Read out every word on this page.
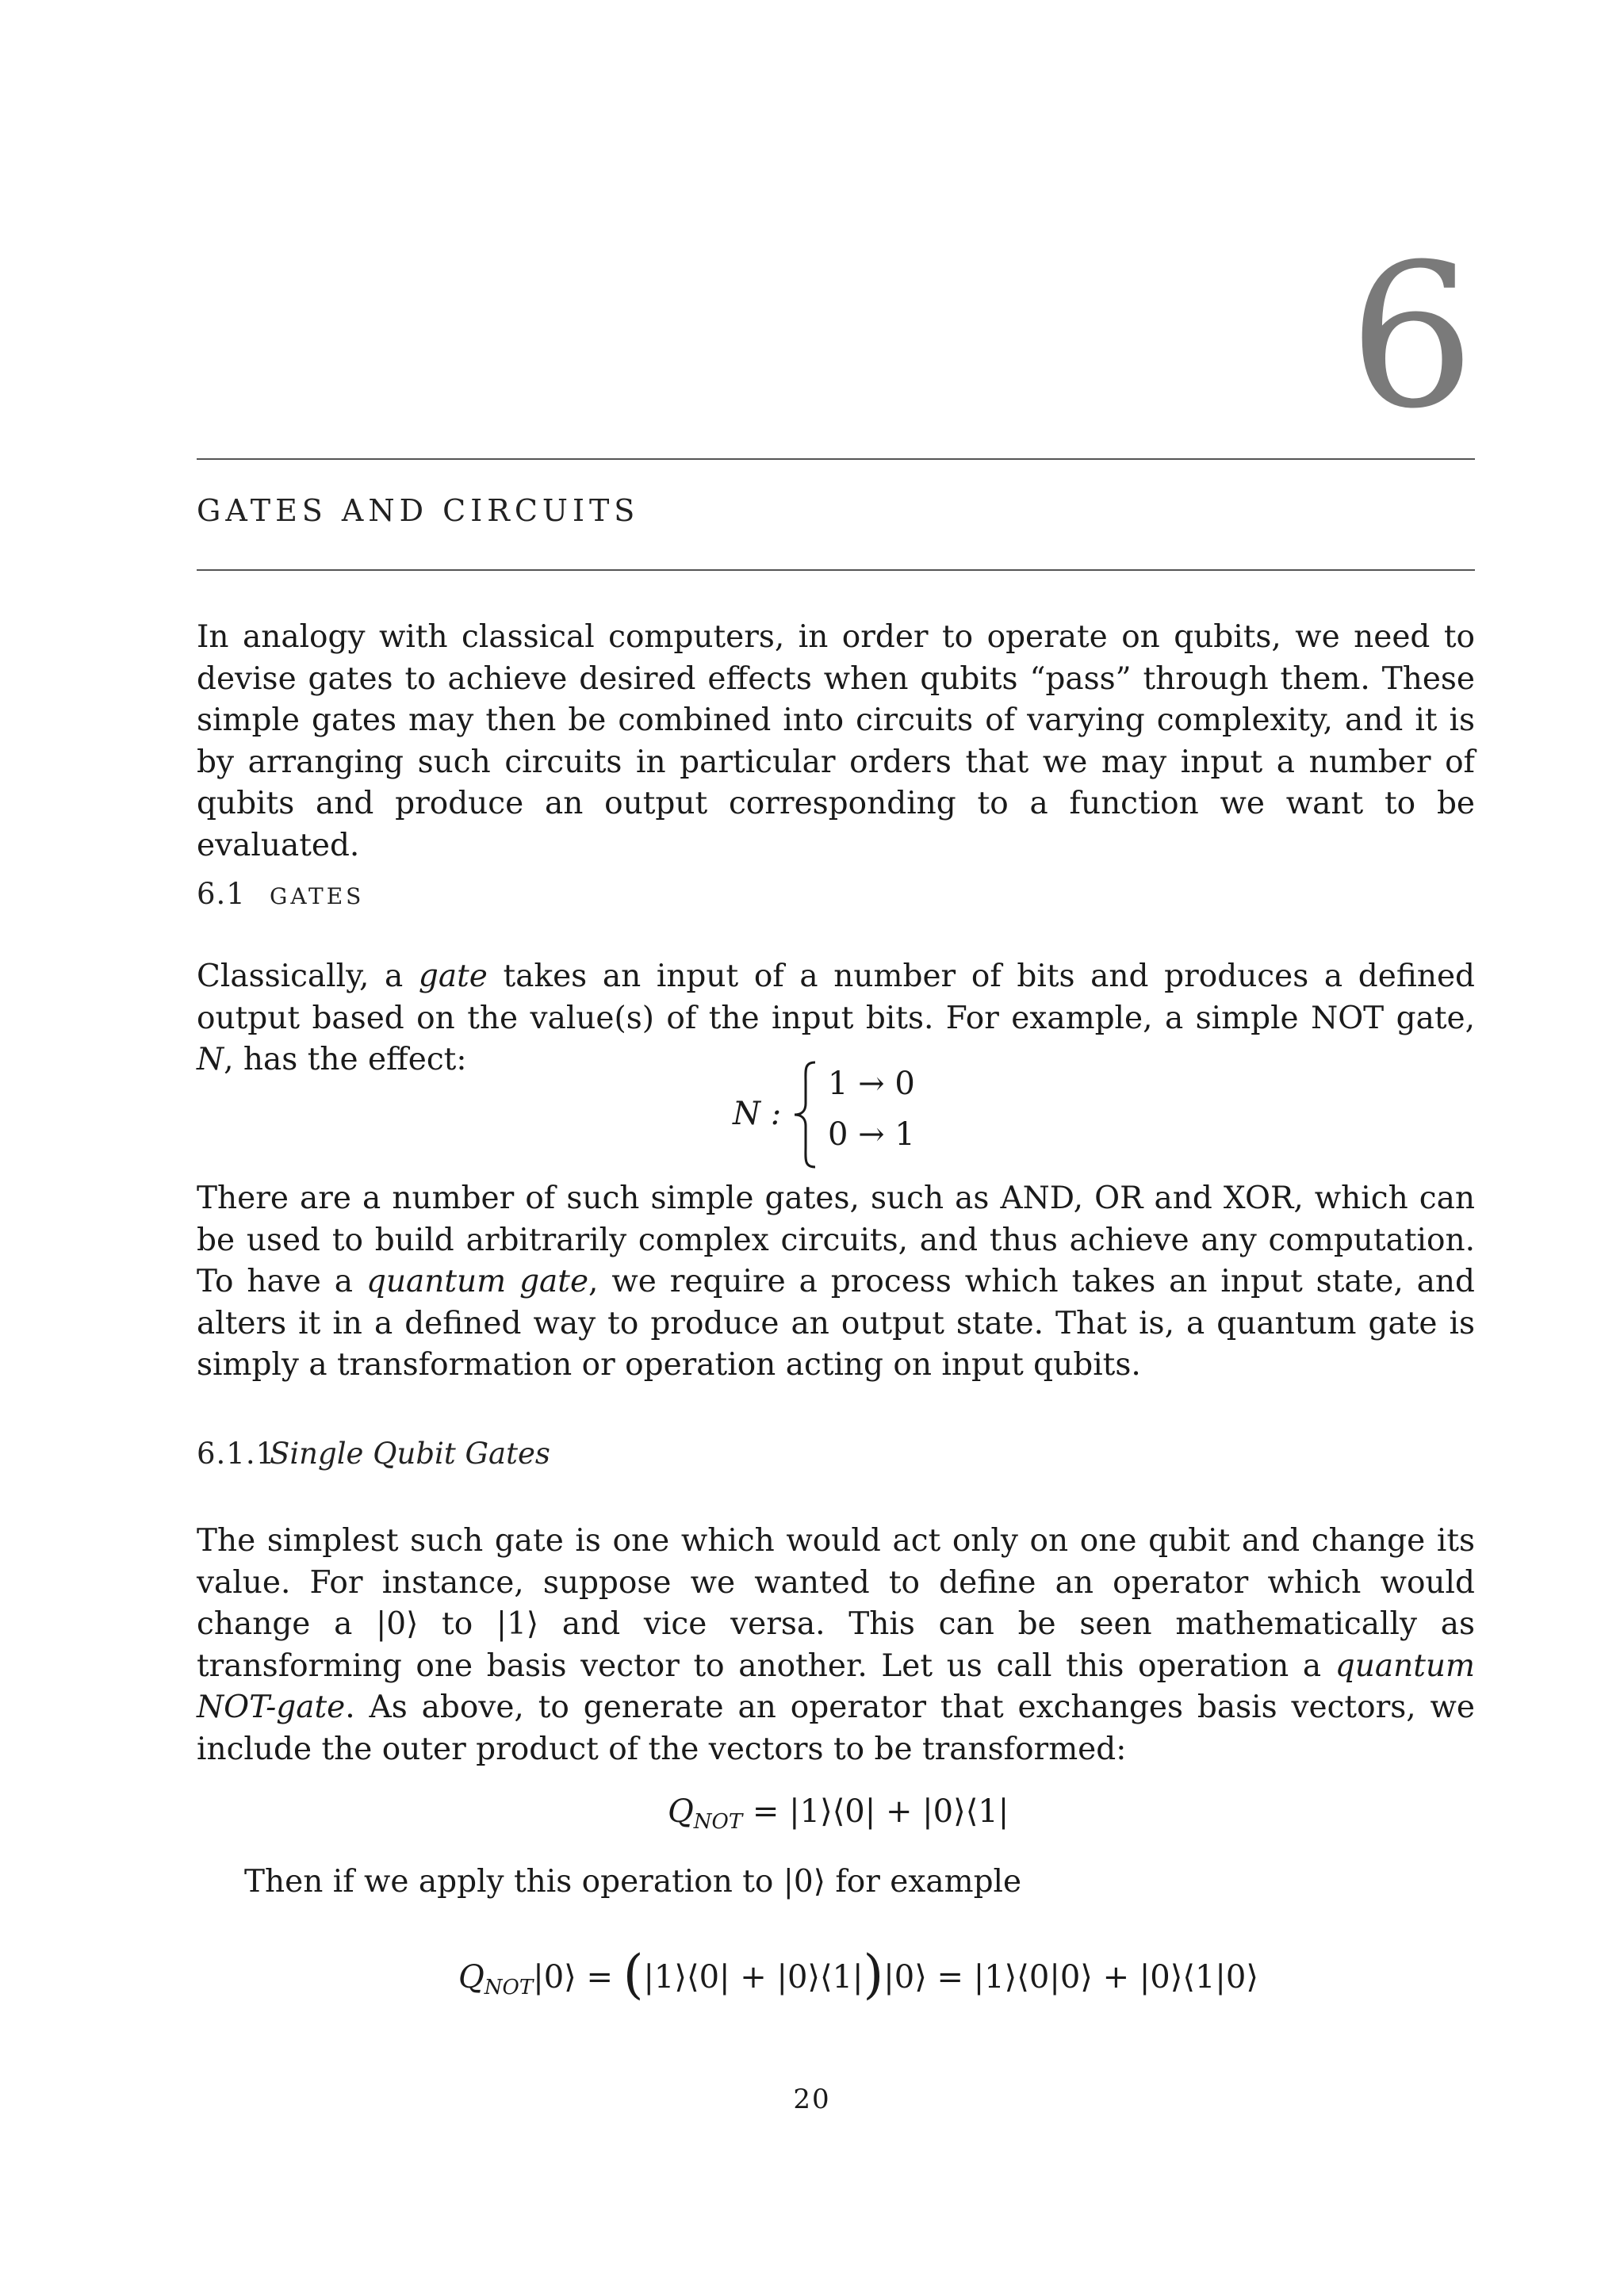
6
GATES AND CIRCUITS

In analogy with classical computers, in order to operate on qubits, we need to devise gates to achieve desired effects when qubits “pass” through them. These simple gates may then be combined into circuits of varying complexity, and it is by arranging such circuits in particular orders that we may input a number of qubits and produce an output corresponding to a function we want to be evaluated.

6.1 gates

Classically, a gate takes an input of a number of bits and produces a defined output based on the value(s) of the input bits. For example, a simple NOT gate, N, has the effect:

N :
1 → 0
0 → 1

There are a number of such simple gates, such as AND, OR and XOR, which can be used to build arbitrarily complex circuits, and thus achieve any computation. To have a quantum gate, we require a process which takes an input state, and alters it in a defined way to produce an output state. That is, a quantum gate is simply a transformation or operation acting on input qubits.

6.1.1Single Qubit Gates

The simplest such gate is one which would act only on one qubit and change its value. For instance, suppose we wanted to define an operator which would change a |0⟩ to |1⟩ and vice versa. This can be seen mathematically as transforming one basis vector to another. Let us call this operation a quantum NOT-gate. As above, to generate an operator that exchanges basis vectors, we include the outer product of the vectors to be transformed:

$Q_{NOT}$ = |1⟩⟨0| + |0⟩⟨1|

Then if we apply this operation to |0⟩ for example

$Q_{NOT}|0⟩$ = (|1⟩⟨0| + |0⟩⟨1|)|0⟩ = |1⟩⟨0|0⟩ + |0⟩⟨1|0⟩
20
